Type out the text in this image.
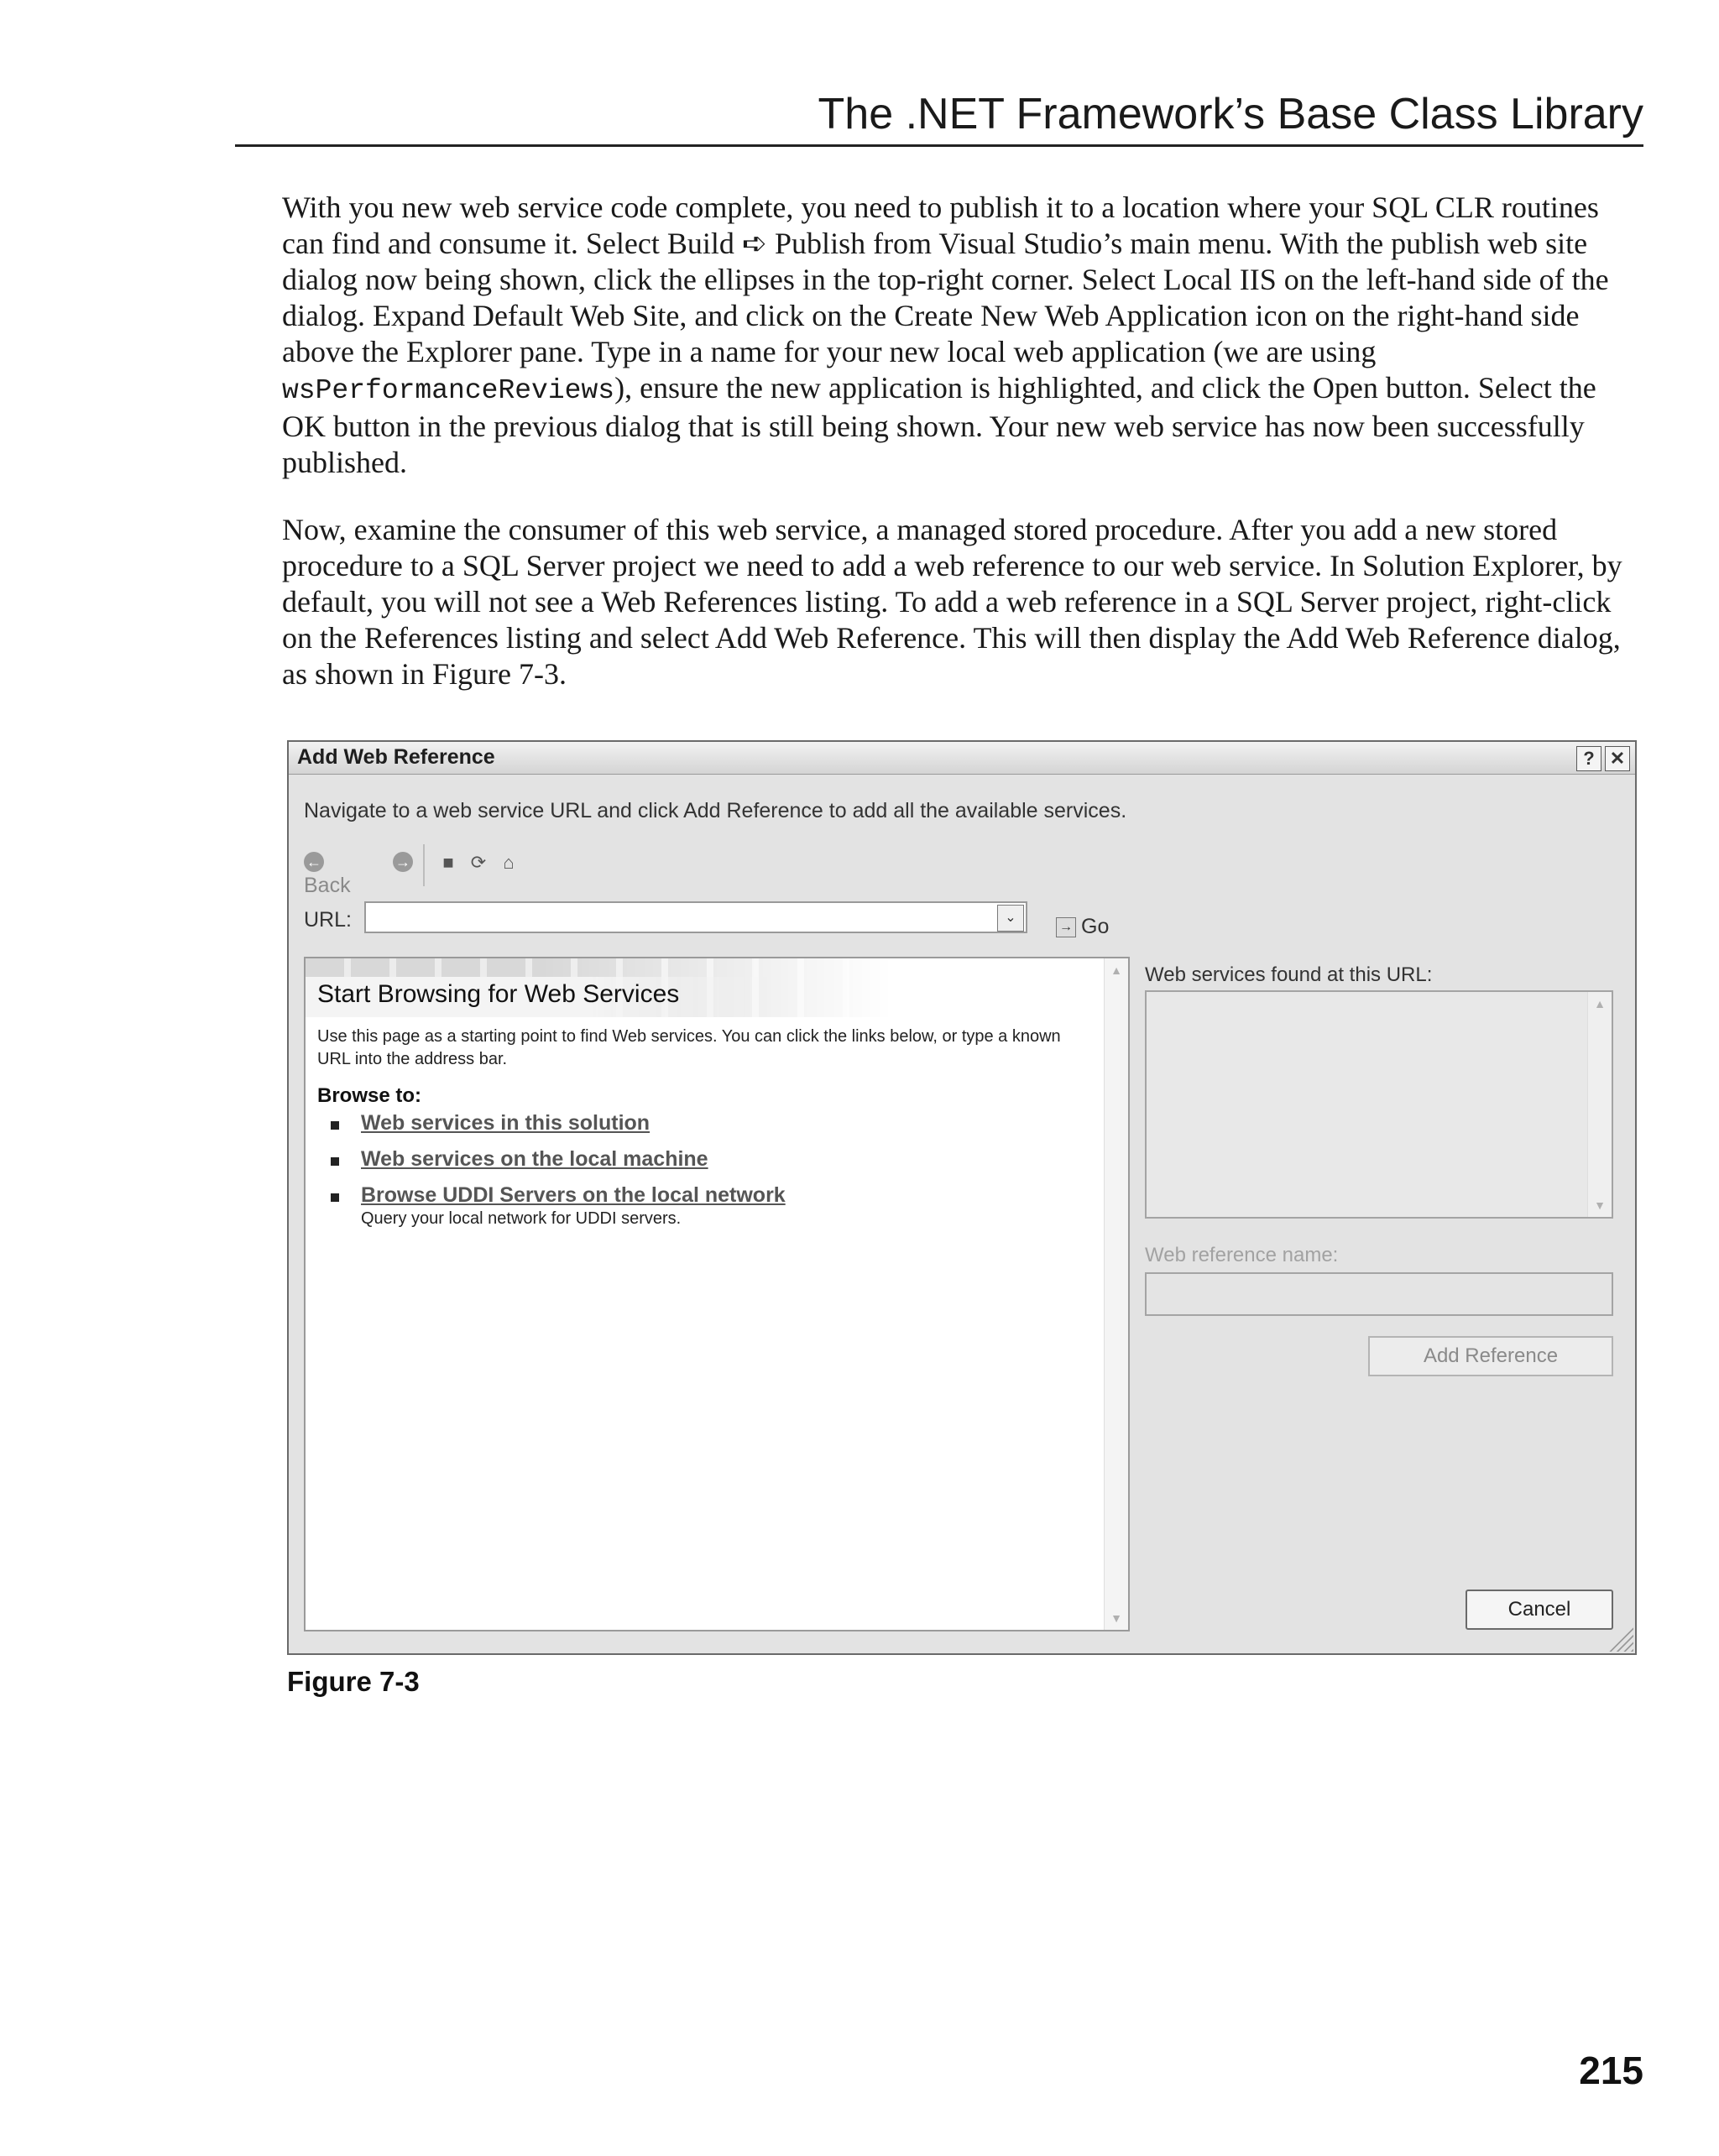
The .NET Framework’s Base Class Library

With you new web service code complete, you need to publish it to a location where your SQL CLR routines can find and consume it. Select Build ➪ Publish from Visual Studio’s main menu. With the publish web site dialog now being shown, click the ellipses in the top-right corner. Select Local IIS on the left-hand side of the dialog. Expand Default Web Site, and click on the Create New Web Application icon on the right-hand side above the Explorer pane. Type in a name for your new local web application (we are using wsPerformanceReviews), ensure the new application is highlighted, and click the Open button. Select the OK button in the previous dialog that is still being shown. Your new web service has now been successfully published.

Now, examine the consumer of this web service, a managed stored procedure. After you add a new stored procedure to a SQL Server project we need to add a web reference to our web service. In Solution Explorer, by default, you will not see a Web References listing. To add a web reference in a SQL Server project, right-click on the References listing and select Add Web Reference. This will then display the Add Web Reference dialog, as shown in Figure 7-3.

Add Web Reference	? ✕
Navigate to a web service URL and click Add Reference to add all the available services.
← Back
→ ■ ⟳ ⌂
URL:	⌄
→ Go
Start Browsing for Web Services
Use this page as a starting point to find Web services. You can click the links below, or type a known URL into the address bar.
Browse to:
Web services in this solution
Web services on the local machine
Browse UDDI Servers on the local network
Query your local network for UDDI servers.
▲
▼
Web services found at this URL:
▲
▼
Web reference name:
Add Reference
Cancel
Figure 7-3
215
